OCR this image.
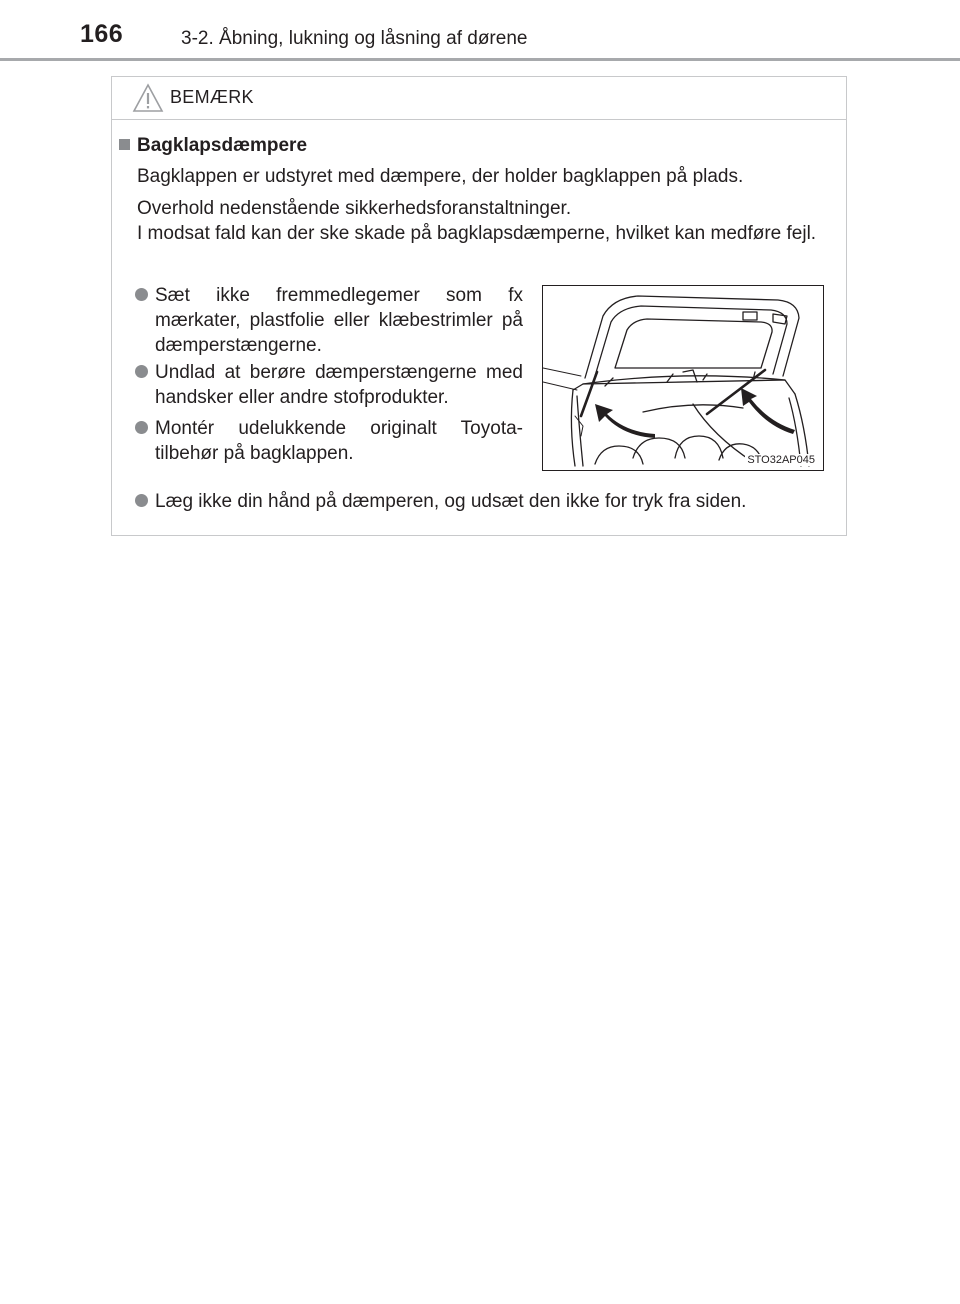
166	3-2. Åbning, lukning og låsning af dørene
BEMÆRK
Bagklapsdæmpere
Bagklappen er udstyret med dæmpere, der holder bagklappen på plads.
Overhold nedenstående sikkerhedsforanstaltninger.
I modsat fald kan der ske skade på bagklapsdæmperne, hvilket kan medføre fejl.
Sæt ikke fremmedlegemer som fx mærkater, plastfolie eller klæbestrimler på dæmperstængerne.
Undlad at berøre dæmperstængerne med handsker eller andre stofprodukter.
Montér udelukkende originalt Toyota-tilbehør på bagklappen.
Læg ikke din hånd på dæmperen, og udsæt den ikke for tryk fra siden.
STO32AP045
